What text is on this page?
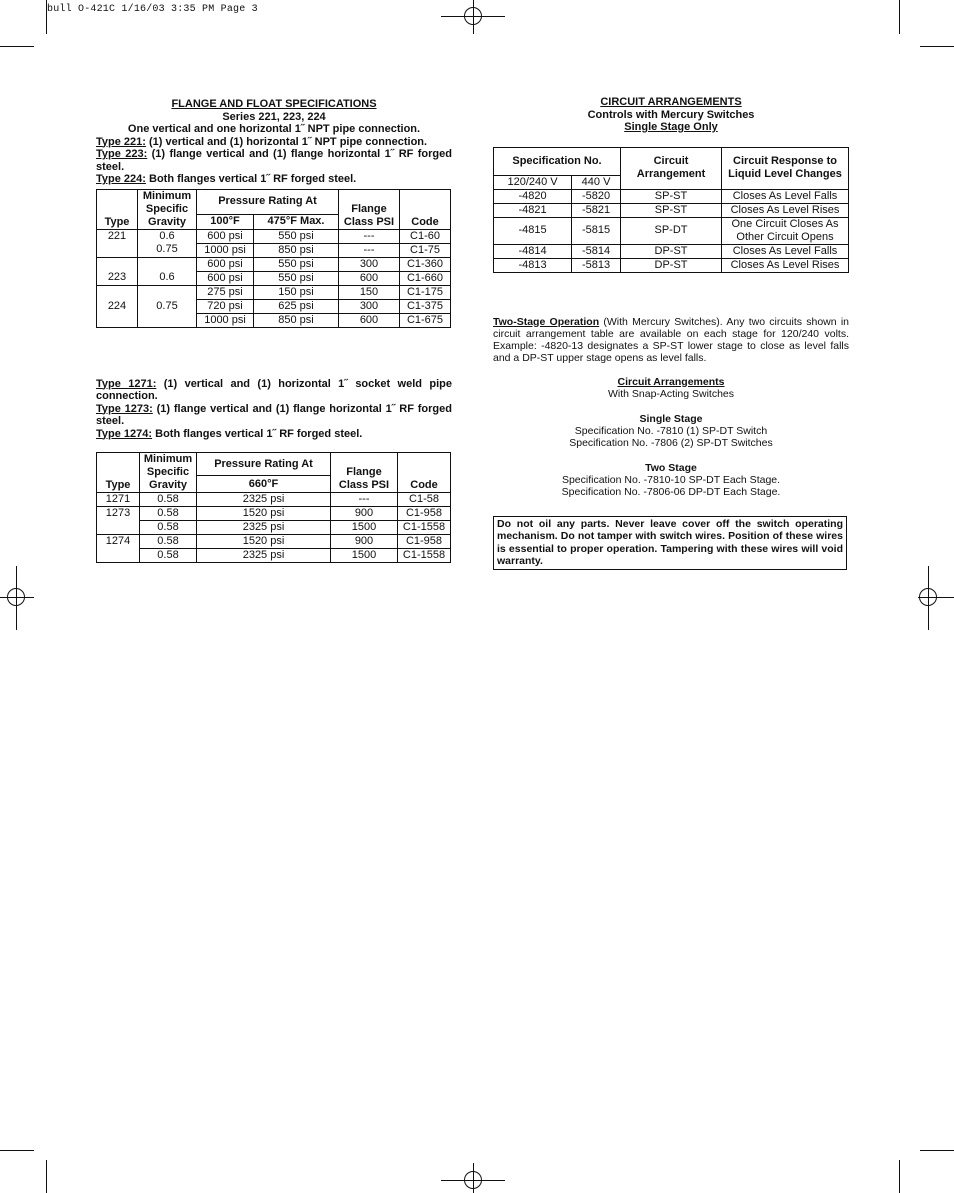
bull O-421C 1/16/03 3:35 PM Page 3
FLANGE AND FLOAT SPECIFICATIONS
Series 221, 223, 224
One vertical and one horizontal 1˝ NPT pipe connection.
Type 221: (1) vertical and (1) horizontal 1˝ NPT pipe connection.
Type 223: (1) flange vertical and (1) flange horizontal 1˝ RF forged steel.
Type 224: Both flanges vertical 1˝ RF forged steel.
Type	Minimum Specific Gravity	Pressure Rating At		Flange Class PSI	Code
		100°F	475°F Max.		
221	0.6	600 psi	550 psi	---	C1-60
	0.75	1000 psi	850 psi	---	C1-75
		600 psi	550 psi	300	C1-360
223	0.6	600 psi	550 psi	600	C1-660
		275 psi	150 psi	150	C1-175
224	0.75	720 psi	625 psi	300	C1-375
		1000 psi	850 psi	600	C1-675
Type 1271: (1) vertical and (1) horizontal 1˝ socket weld pipe connection.
Type 1273: (1) flange vertical and (1) flange horizontal 1˝ RF forged steel.
Type 1274: Both flanges vertical 1˝ RF forged steel.
Type	Minimum Specific Gravity	Pressure Rating At	Flange Class PSI	Code
		660°F		
1271	0.58	2325 psi	---	C1-58
1273	0.58	1520 psi	900	C1-958
	0.58	2325 psi	1500	C1-1558
1274	0.58	1520 psi	900	C1-958
	0.58	2325 psi	1500	C1-1558
CIRCUIT ARRANGEMENTS
Controls with Mercury Switches
Single Stage Only
Specification No.		Circuit Arrangement	Circuit Response to Liquid Level Changes
120/240 V	440 V		
-4820	-5820	SP-ST	Closes As Level Falls
-4821	-5821	SP-ST	Closes As Level Rises
-4815	-5815	SP-DT	One Circuit Closes As Other Circuit Opens
-4814	-5814	DP-ST	Closes As Level Falls
-4813	-5813	DP-ST	Closes As Level Rises
Two-Stage Operation (With Mercury Switches). Any two circuits shown in circuit arrangement table are available on each stage for 120/240 volts. Example: -4820-13 designates a SP-ST lower stage to close as level falls and a DP-ST upper stage opens as level falls.
Circuit Arrangements
With Snap-Acting Switches
Single Stage
Specification No. -7810 (1) SP-DT Switch
Specification No. -7806 (2) SP-DT Switches
Two Stage
Specification No. -7810-10 SP-DT Each Stage.
Specification No. -7806-06 DP-DT Each Stage.
Do not oil any parts. Never leave cover off the switch operating mechanism. Do not tamper with switch wires. Position of these wires is essential to proper operation. Tampering with these wires will void warranty.
